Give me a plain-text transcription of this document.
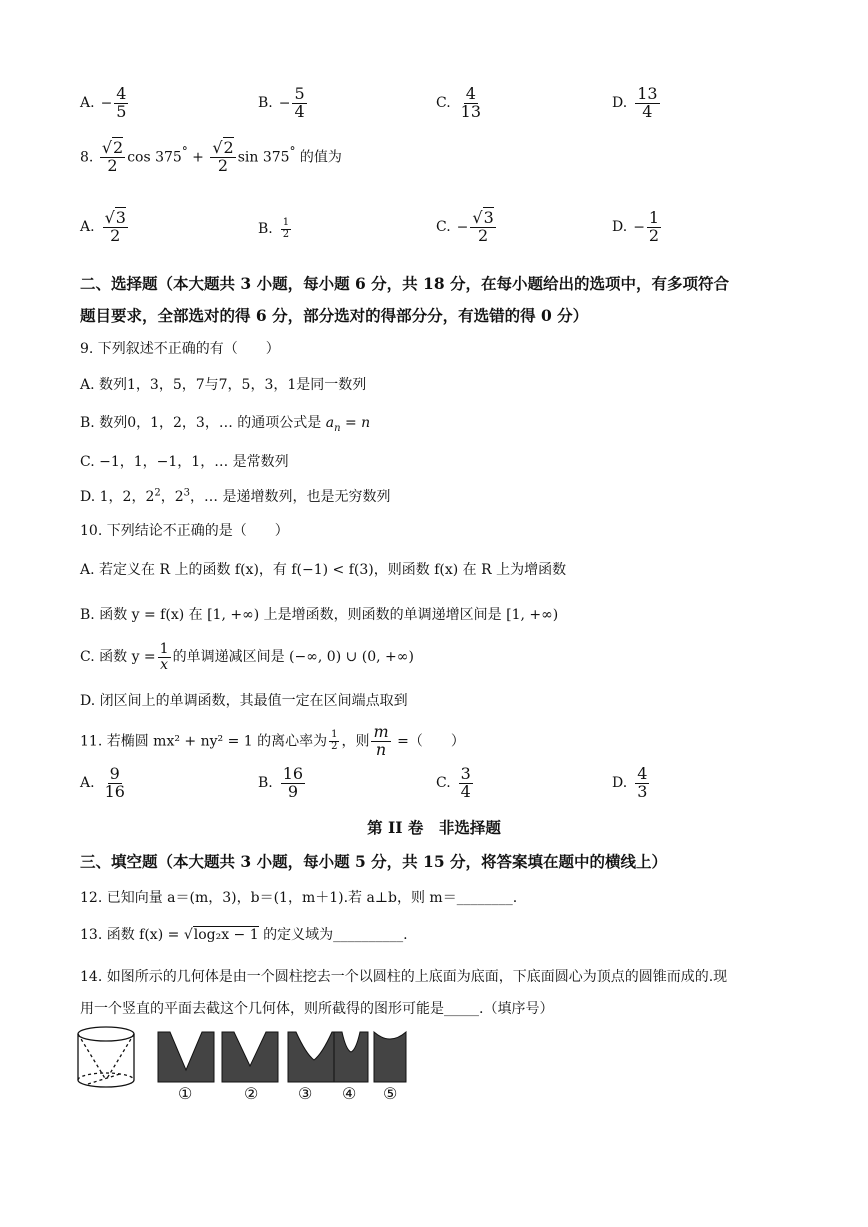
A. − $\frac{4}{5}$	B. − $\frac{5}{4}$	C. $\frac{4}{13}$	D. $\frac{13}{4}$
8. $\frac{√2}{2}$ $\cos 375^\circ + \frac{√2}{2}$ sin 375° 的值为
A. $\frac{√3}{2}$	B. $\frac{1}{2}$	C. − $\frac{√3}{2}$	D. − $\frac{1}{2}$
二、选择题（本大题共 3 小题，每小题 6 分，共 18 分，在每小题给出的选项中，有多项符合
题目要求，全部选对的得 6 分，部分选对的得部分分，有选错的得 0 分）
9. 下列叙述不正确的有（　　）
A. 数列1，3，5，7与7，5，3，1是同一数列
B. 数列0，1，2，3，… 的通项公式是 $a_n = n$
C. −1，1，−1，1，… 是常数列
D. 1，2，$2^2$，$2^3$，… 是递增数列，也是无穷数列
10. 下列结论不正确的是（　　）
A. 若定义在 R 上的函数 f(x)，有 f(−1) < f(3)，则函数 f(x) 在 R 上为增函数
B. 函数 y = f(x) 在 [1, +∞) 上是增函数，则函数的单调递增区间是 [1, +∞)
C. 函数 $y = \frac{1}{x}$ 的单调递减区间是 (−∞, 0) ∪ (0, +∞)
D. 闭区间上的单调函数，其最值一定在区间端点取到
11. 若椭圆 mx² + ny² = 1 的离心率为 $\frac{1}{2}$ ，则 $\frac{m}{n}$ =（　　）
A. $\frac{9}{16}$	B. $\frac{16}{9}$	C. $\frac{3}{4}$	D. $\frac{4}{3}$
第 II 卷　非选择题
三、填空题（本大题共 3 小题，每小题 5 分，共 15 分，将答案填在题中的横线上）
12. 已知向量 a＝(m，3)，b＝(1，m＋1).若 a⊥b，则 m＝________.
13. 函数 f(x) = √log₂x − 1 的定义域为__________.
14. 如图所示的几何体是由一个圆柱挖去一个以圆柱的上底面为底面，下底面圆心为顶点的圆锥而成的.现
用一个竖直的平面去截这个几何体，则所截得的图形可能是_____.（填序号）
①	② ③ ④ ⑤
